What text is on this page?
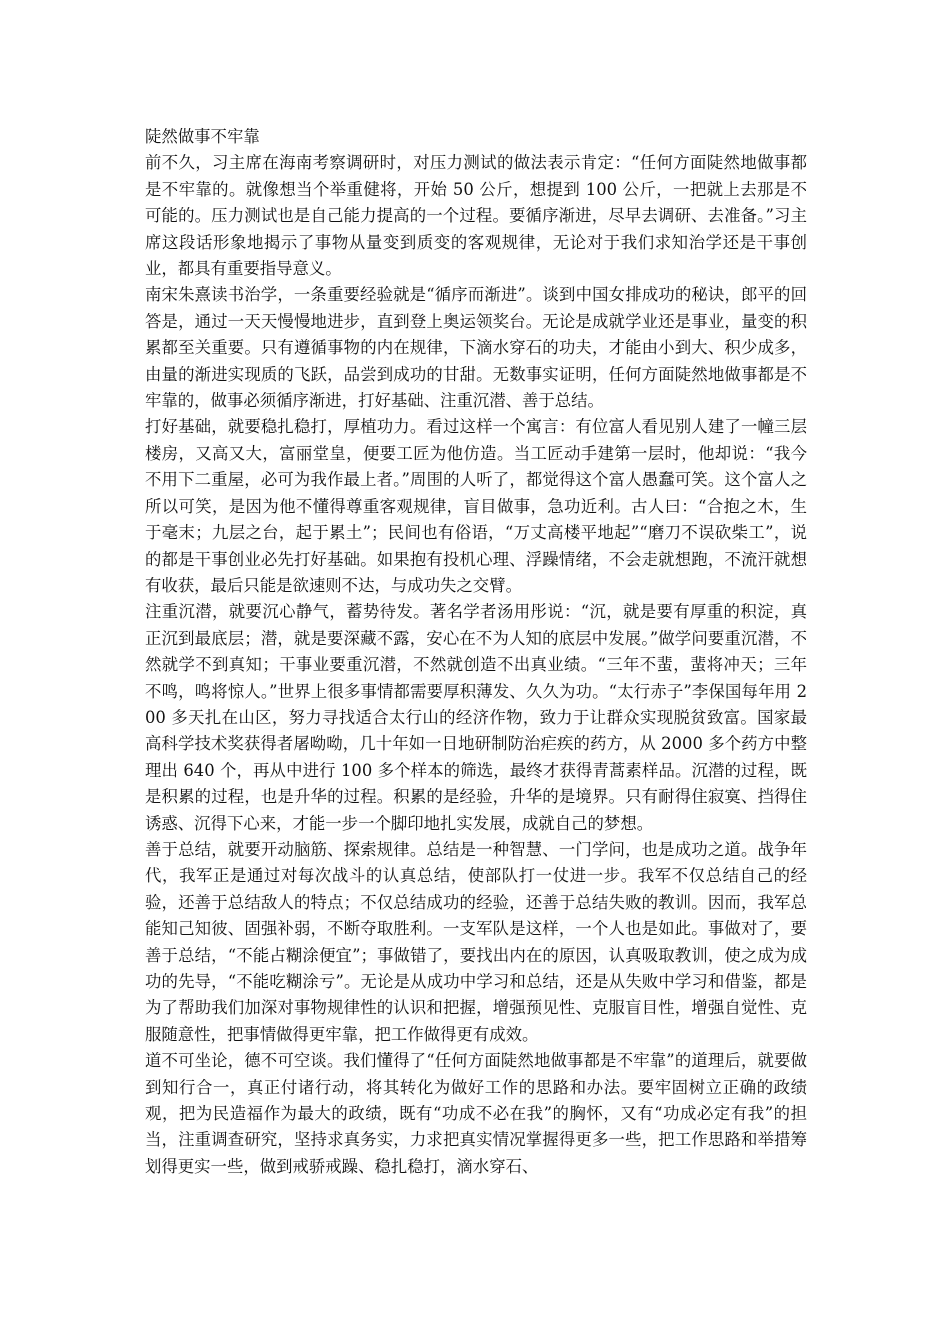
陡然做事不牢靠

前不久，习主席在海南考察调研时，对压力测试的做法表示肯定：“任何方面陡然地做事都是不牢靠的。就像想当个举重健将，开始 50 公斤，想提到 100 公斤，一把就上去那是不可能的。压力测试也是自己能力提高的一个过程。要循序渐进，尽早去调研、去准备。”习主席这段话形象地揭示了事物从量变到质变的客观规律，无论对于我们求知治学还是干事创业，都具有重要指导意义。

南宋朱熹读书治学，一条重要经验就是“循序而渐进”。谈到中国女排成功的秘诀，郎平的回答是，通过一天天慢慢地进步，直到登上奥运领奖台。无论是成就学业还是事业，量变的积累都至关重要。只有遵循事物的内在规律，下滴水穿石的功夫，才能由小到大、积少成多，由量的渐进实现质的飞跃，品尝到成功的甘甜。无数事实证明，任何方面陡然地做事都是不牢靠的，做事必须循序渐进，打好基础、注重沉潜、善于总结。

打好基础，就要稳扎稳打，厚植功力。看过这样一个寓言：有位富人看见别人建了一幢三层楼房，又高又大，富丽堂皇，便要工匠为他仿造。当工匠动手建第一层时，他却说：“我今不用下二重屋，必可为我作最上者。”周围的人听了，都觉得这个富人愚蠢可笑。这个富人之所以可笑，是因为他不懂得尊重客观规律，盲目做事，急功近利。古人曰：“合抱之木，生于毫末；九层之台，起于累土”；民间也有俗语，“万丈高楼平地起”“磨刀不误砍柴工”，说的都是干事创业必先打好基础。如果抱有投机心理、浮躁情绪，不会走就想跑，不流汗就想有收获，最后只能是欲速则不达，与成功失之交臂。

注重沉潜，就要沉心静气，蓄势待发。著名学者汤用彤说：“沉，就是要有厚重的积淀，真正沉到最底层；潜，就是要深藏不露，安心在不为人知的底层中发展。”做学问要重沉潜，不然就学不到真知；干事业要重沉潜，不然就创造不出真业绩。“三年不蜚，蜚将冲天；三年不鸣，鸣将惊人。”世界上很多事情都需要厚积薄发、久久为功。“太行赤子”李保国每年用 200 多天扎在山区，努力寻找适合太行山的经济作物，致力于让群众实现脱贫致富。国家最高科学技术奖获得者屠呦呦，几十年如一日地研制防治疟疾的药方，从 2000 多个药方中整理出 640 个，再从中进行 100 多个样本的筛选，最终才获得青蒿素样品。沉潜的过程，既是积累的过程，也是升华的过程。积累的是经验，升华的是境界。只有耐得住寂寞、挡得住诱惑、沉得下心来，才能一步一个脚印地扎实发展，成就自己的梦想。

善于总结，就要开动脑筋、探索规律。总结是一种智慧、一门学问，也是成功之道。战争年代，我军正是通过对每次战斗的认真总结，使部队打一仗进一步。我军不仅总结自己的经验，还善于总结敌人的特点；不仅总结成功的经验，还善于总结失败的教训。因而，我军总能知己知彼、固强补弱，不断夺取胜利。一支军队是这样，一个人也是如此。事做对了，要善于总结，“不能占糊涂便宜”；事做错了，要找出内在的原因，认真吸取教训，使之成为成功的先导，“不能吃糊涂亏”。无论是从成功中学习和总结，还是从失败中学习和借鉴，都是为了帮助我们加深对事物规律性的认识和把握，增强预见性、克服盲目性，增强自觉性、克服随意性，把事情做得更牢靠，把工作做得更有成效。

道不可坐论，德不可空谈。我们懂得了“任何方面陡然地做事都是不牢靠”的道理后，就要做到知行合一，真正付诸行动，将其转化为做好工作的思路和办法。要牢固树立正确的政绩观，把为民造福作为最大的政绩，既有“功成不必在我”的胸怀，又有“功成必定有我”的担当，注重调查研究，坚持求真务实，力求把真实情况掌握得更多一些，把工作思路和举措筹划得更实一些，做到戒骄戒躁、稳扎稳打，滴水穿石、
